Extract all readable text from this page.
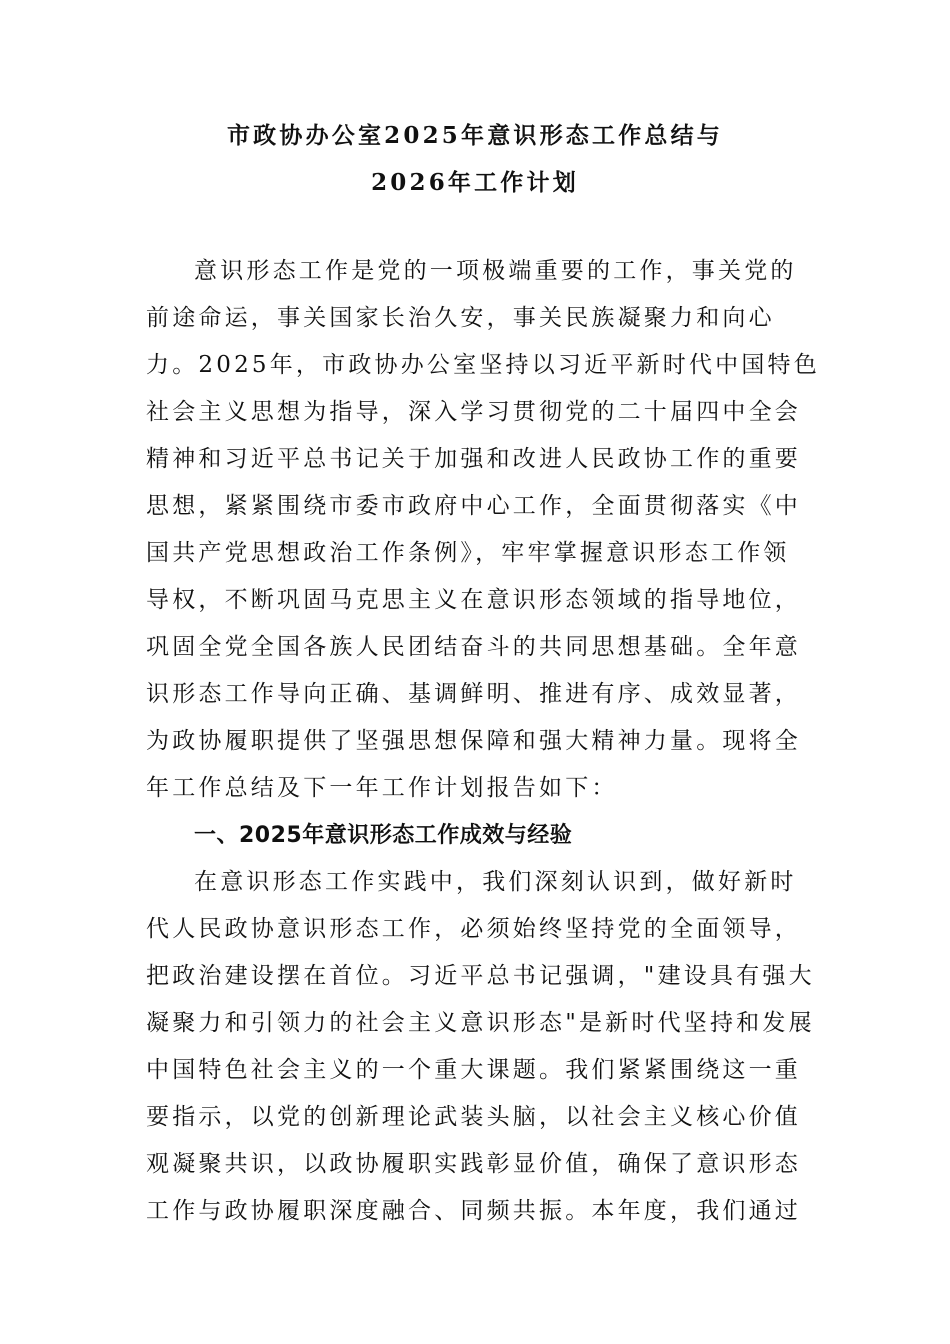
市政协办公室2025年意识形态工作总结与
2026年工作计划
意识形态工作是党的一项极端重要的工作，事关党的
前途命运，事关国家长治久安，事关民族凝聚力和向心
力。2025年，市政协办公室坚持以习近平新时代中国特色
社会主义思想为指导，深入学习贯彻党的二十届四中全会
精神和习近平总书记关于加强和改进人民政协工作的重要
思想，紧紧围绕市委市政府中心工作，全面贯彻落实《中
国共产党思想政治工作条例》，牢牢掌握意识形态工作领
导权，不断巩固马克思主义在意识形态领域的指导地位，
巩固全党全国各族人民团结奋斗的共同思想基础。全年意
识形态工作导向正确、基调鲜明、推进有序、成效显著，
为政协履职提供了坚强思想保障和强大精神力量。现将全
年工作总结及下一年工作计划报告如下：
一、2025年意识形态工作成效与经验
在意识形态工作实践中，我们深刻认识到，做好新时
代人民政协意识形态工作，必须始终坚持党的全面领导，
把政治建设摆在首位。习近平总书记强调，"建设具有强大
凝聚力和引领力的社会主义意识形态"是新时代坚持和发展
中国特色社会主义的一个重大课题。我们紧紧围绕这一重
要指示，以党的创新理论武装头脑，以社会主义核心价值
观凝聚共识，以政协履职实践彰显价值，确保了意识形态
工作与政协履职深度融合、同频共振。本年度，我们通过
